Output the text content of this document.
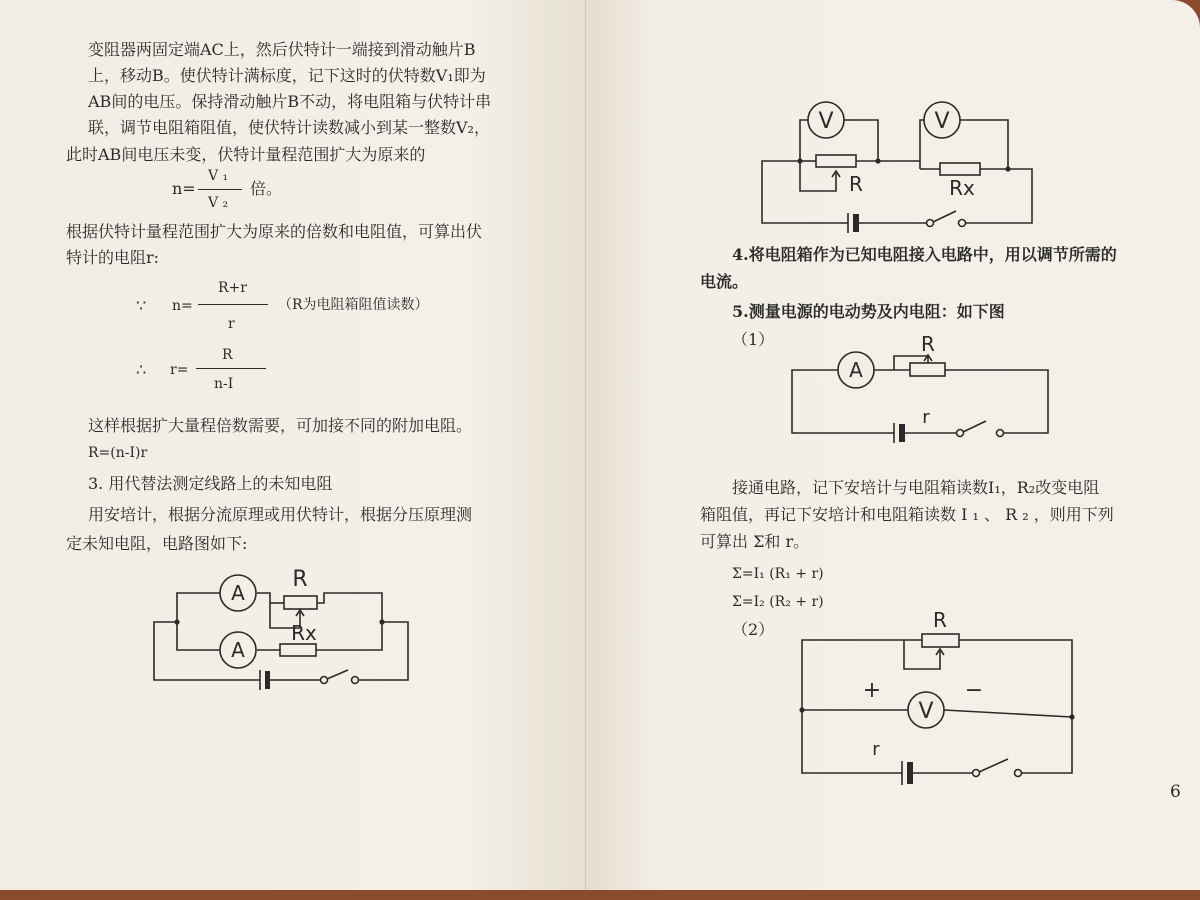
变阻器两固定端AC上，然后伏特计一端接到滑动触片B
上，移动B。使伏特计满标度，记下这时的伏特数V₁即为
AB间的电压。保持滑动触片B不动，将电阻箱与伏特计串
联，调节电阻箱阻值，使伏特计读数减小到某一整数V₂，
此时AB间电压未变，伏特计量程范围扩大为原来的
n=
V ₁
V ₂
倍。
根据伏特计量程范围扩大为原来的倍数和电阻值，可算出伏
特计的电阻r:
∵ n=
R+r
r
（R为电阻箱阻值读数）
∴ r=
R
n-I
这样根据扩大量程倍数需要，可加接不同的附加电阻。
R=(n-I)r
3. 用代替法测定线路上的未知电阻
用安培计，根据分流原理或用伏特计，根据分压原理测
定未知电阻，电路图如下:
A
R
A
Rx
V
R
V
Rx
4.将电阻箱作为已知电阻接入电路中，用以调节所需的
电流。
5.测量电源的电动势及内电阻：如下图
（1）
A
R
r
接通电路，记下安培计与电阻箱读数I₁，R₂改变电阻
箱阻值，再记下安培计和电阻箱读数 I ₁ 、 R ₂ ，则用下列
可算出 Σ和 r。
Σ=I₁ (R₁ + r)
Σ=I₂ (R₂ + r)
（2）	R
V
+	−
r
6
